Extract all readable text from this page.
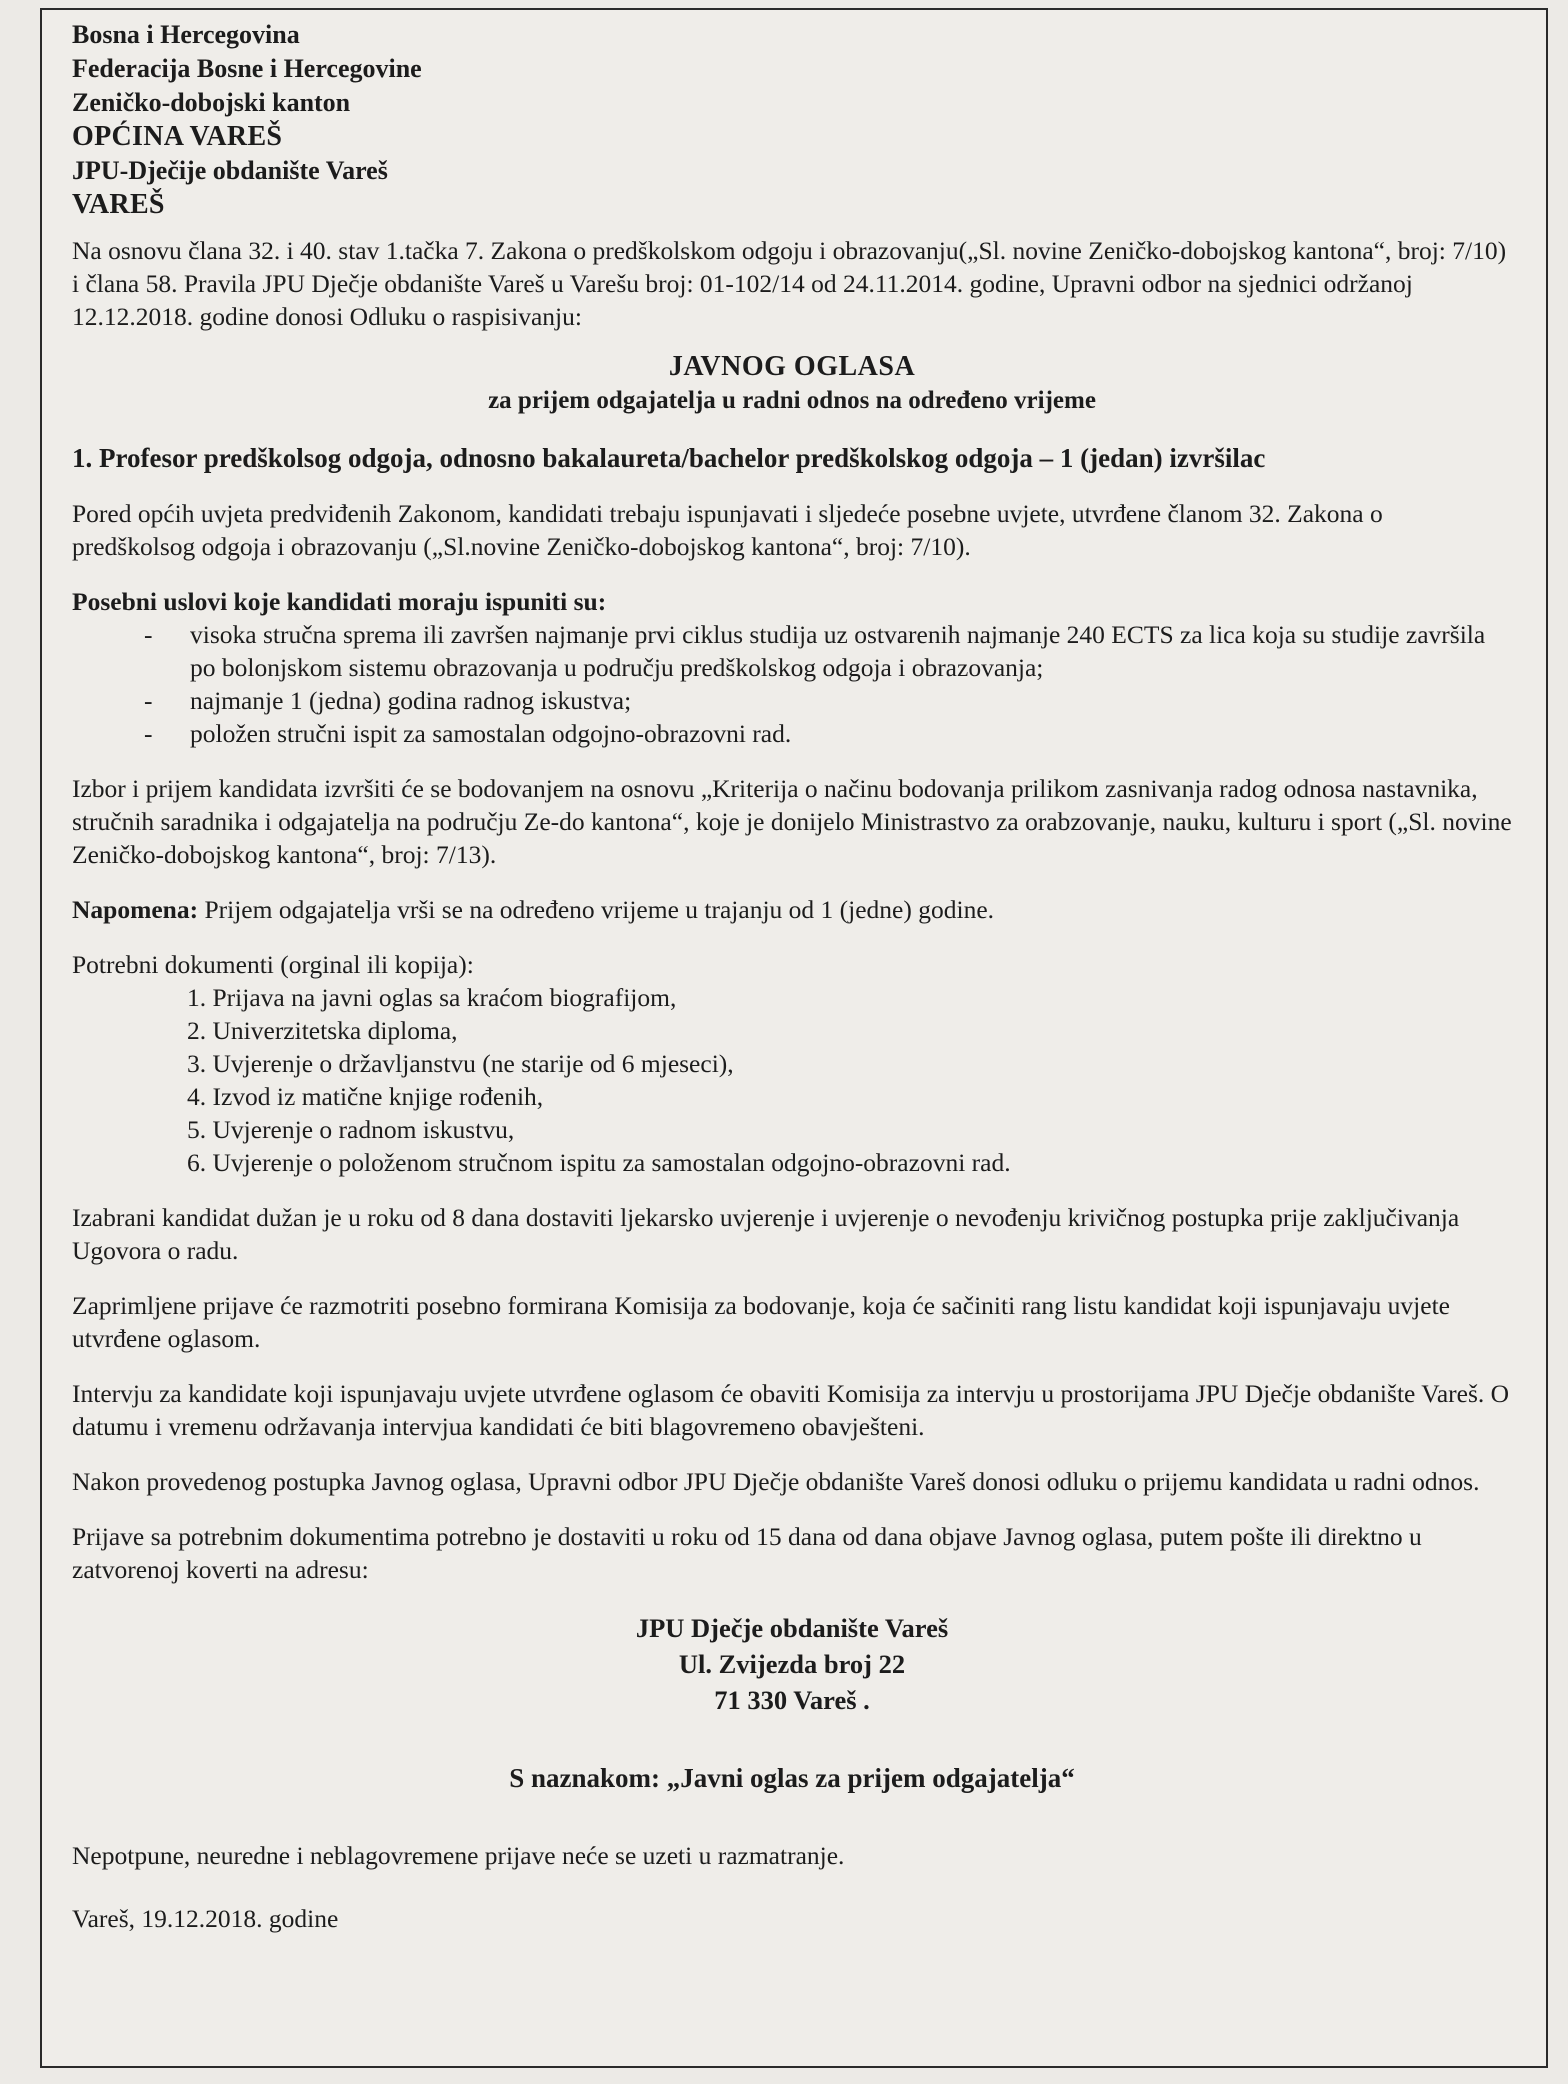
Bosna i Hercegovina
Federacija Bosne i Hercegovine
Zeničko-dobojski kanton
OPĆINA VAREŠ
JPU-Dječije obdanište Vareš
VAREŠ

Na osnovu člana 32. i 40. stav 1.tačka 7. Zakona o predškolskom odgoju i obrazovanju(„Sl. novine Zeničko-dobojskog kantona“, broj: 7/10) i člana 58. Pravila JPU Dječje obdanište Vareš u Varešu broj: 01-102/14 od 24.11.2014. godine, Upravni odbor na sjednici održanoj 12.12.2018. godine donosi Odluku o raspisivanju:

JAVNOG OGLASA
za prijem odgajatelja u radni odnos na određeno vrijeme
1. Profesor predškolsog odgoja, odnosno bakalaureta/bachelor predškolskog odgoja – 1 (jedan) izvršilac

Pored općih uvjeta predviđenih Zakonom, kandidati trebaju ispunjavati i sljedeće posebne uvjete, utvrđene članom 32. Zakona o predškolsog odgoja i obrazovanju („Sl.novine Zeničko-dobojskog kantona“, broj: 7/10).

Posebni uslovi koje kandidati moraju ispuniti su:
- visoka stručna sprema ili završen najmanje prvi ciklus studija uz ostvarenih najmanje 240 ECTS za lica koja su studije završila po bolonjskom sistemu obrazovanja u području predškolskog odgoja i obrazovanja;
- najmanje 1 (jedna) godina radnog iskustva;
- položen stručni ispit za samostalan odgojno-obrazovni rad.

Izbor i prijem kandidata izvršiti će se bodovanjem na osnovu „Kriterija o načinu bodovanja prilikom zasnivanja radog odnosa nastavnika, stručnih saradnika i odgajatelja na području Ze-do kantona“, koje je donijelo Ministrastvo za orabzovanje, nauku, kulturu i sport („Sl. novine Zeničko-dobojskog kantona“, broj: 7/13).

Napomena: Prijem odgajatelja vrši se na određeno vrijeme u trajanju od 1 (jedne) godine.

Potrebni dokumenti (orginal ili kopija):
1. Prijava na javni oglas sa kraćom biografijom,
2. Univerzitetska diploma,
3. Uvjerenje o državljanstvu (ne starije od 6 mjeseci),
4. Izvod iz matične knjige rođenih,
5. Uvjerenje o radnom iskustvu,
6. Uvjerenje o položenom stručnom ispitu za samostalan odgojno-obrazovni rad.

Izabrani kandidat dužan je u roku od 8 dana dostaviti ljekarsko uvjerenje i uvjerenje o nevođenju krivičnog postupka prije zaključivanja Ugovora o radu.

Zaprimljene prijave će razmotriti posebno formirana Komisija za bodovanje, koja će sačiniti rang listu kandidat koji ispunjavaju uvjete utvrđene oglasom.

Intervju za kandidate koji ispunjavaju uvjete utvrđene oglasom će obaviti Komisija za intervju u prostorijama JPU Dječje obdanište Vareš. O datumu i vremenu održavanja intervjua kandidati će biti blagovremeno obavješteni.

Nakon provedenog postupka Javnog oglasa, Upravni odbor JPU Dječje obdanište Vareš donosi odluku o prijemu kandidata u radni odnos.

Prijave sa potrebnim dokumentima potrebno je dostaviti u roku od 15 dana od dana objave Javnog oglasa, putem pošte ili direktno u zatvorenoj koverti na adresu:

JPU Dječje obdanište Vareš
Ul. Zvijezda broj 22
71 330 Vareš .
S naznakom: „Javni oglas za prijem odgajatelja“

Nepotpune, neuredne i neblagovremene prijave neće se uzeti u razmatranje.

Vareš, 19.12.2018. godine
